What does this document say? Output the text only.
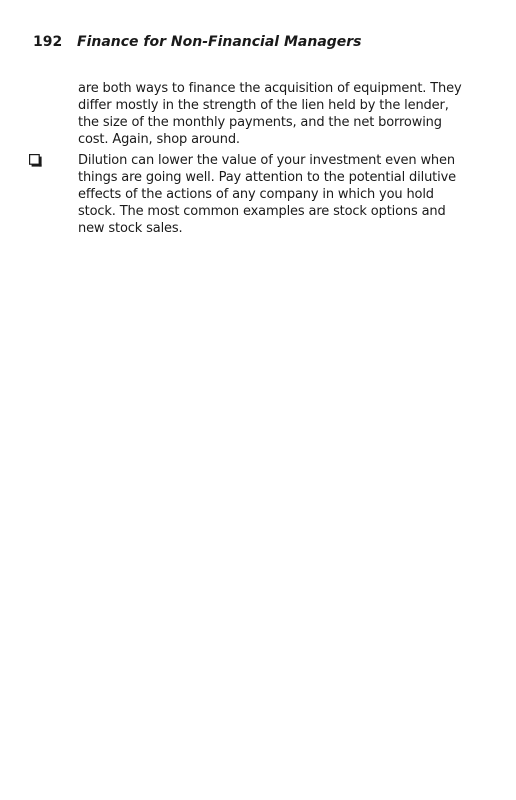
192 Finance for Non-Financial Managers

are both ways to finance the acquisition of equipment. They
differ mostly in the strength of the lien held by the lender,
the size of the monthly payments, and the net borrowing
cost. Again, shop around.

Dilution can lower the value of your investment even when
things are going well. Pay attention to the potential dilutive
effects of the actions of any company in which you hold
stock. The most common examples are stock options and
new stock sales.
